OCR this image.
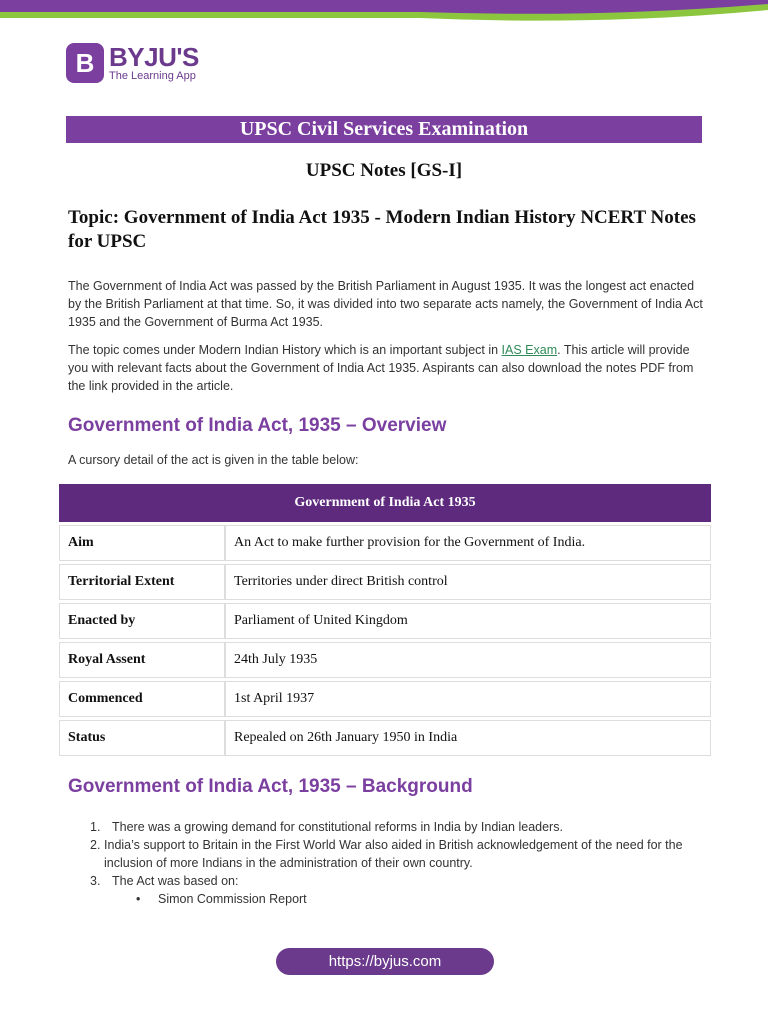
B BYJU'S
The Learning App
UPSC Civil Services Examination
UPSC Notes [GS-I]
Topic: Government of India Act 1935 - Modern Indian History NCERT Notes for UPSC

The Government of India Act was passed by the British Parliament in August 1935. It was the longest act enacted by the British Parliament at that time. So, it was divided into two separate acts namely, the Government of India Act 1935 and the Government of Burma Act 1935.

The topic comes under Modern Indian History which is an important subject in IAS Exam. This article will provide you with relevant facts about the Government of India Act 1935. Aspirants can also download the notes PDF from the link provided in the article.

Government of India Act, 1935 – Overview

A cursory detail of the act is given in the table below:

Government of India Act 1935	
Aim	An Act to make further provision for the Government of India.
Territorial Extent	Territories under direct British control
Enacted by	Parliament of United Kingdom
Royal Assent	24th July 1935
Commenced	1st April 1937
Status	Repealed on 26th January 1950 in India
Government of India Act, 1935 – Background
1. There was a growing demand for constitutional reforms in India by Indian leaders.
2. India’s support to Britain in the First World War also aided in British acknowledgement of the need for the inclusion of more Indians in the administration of their own country.
3. The Act was based on:
•	Simon Commission Report
https://byjus.com
